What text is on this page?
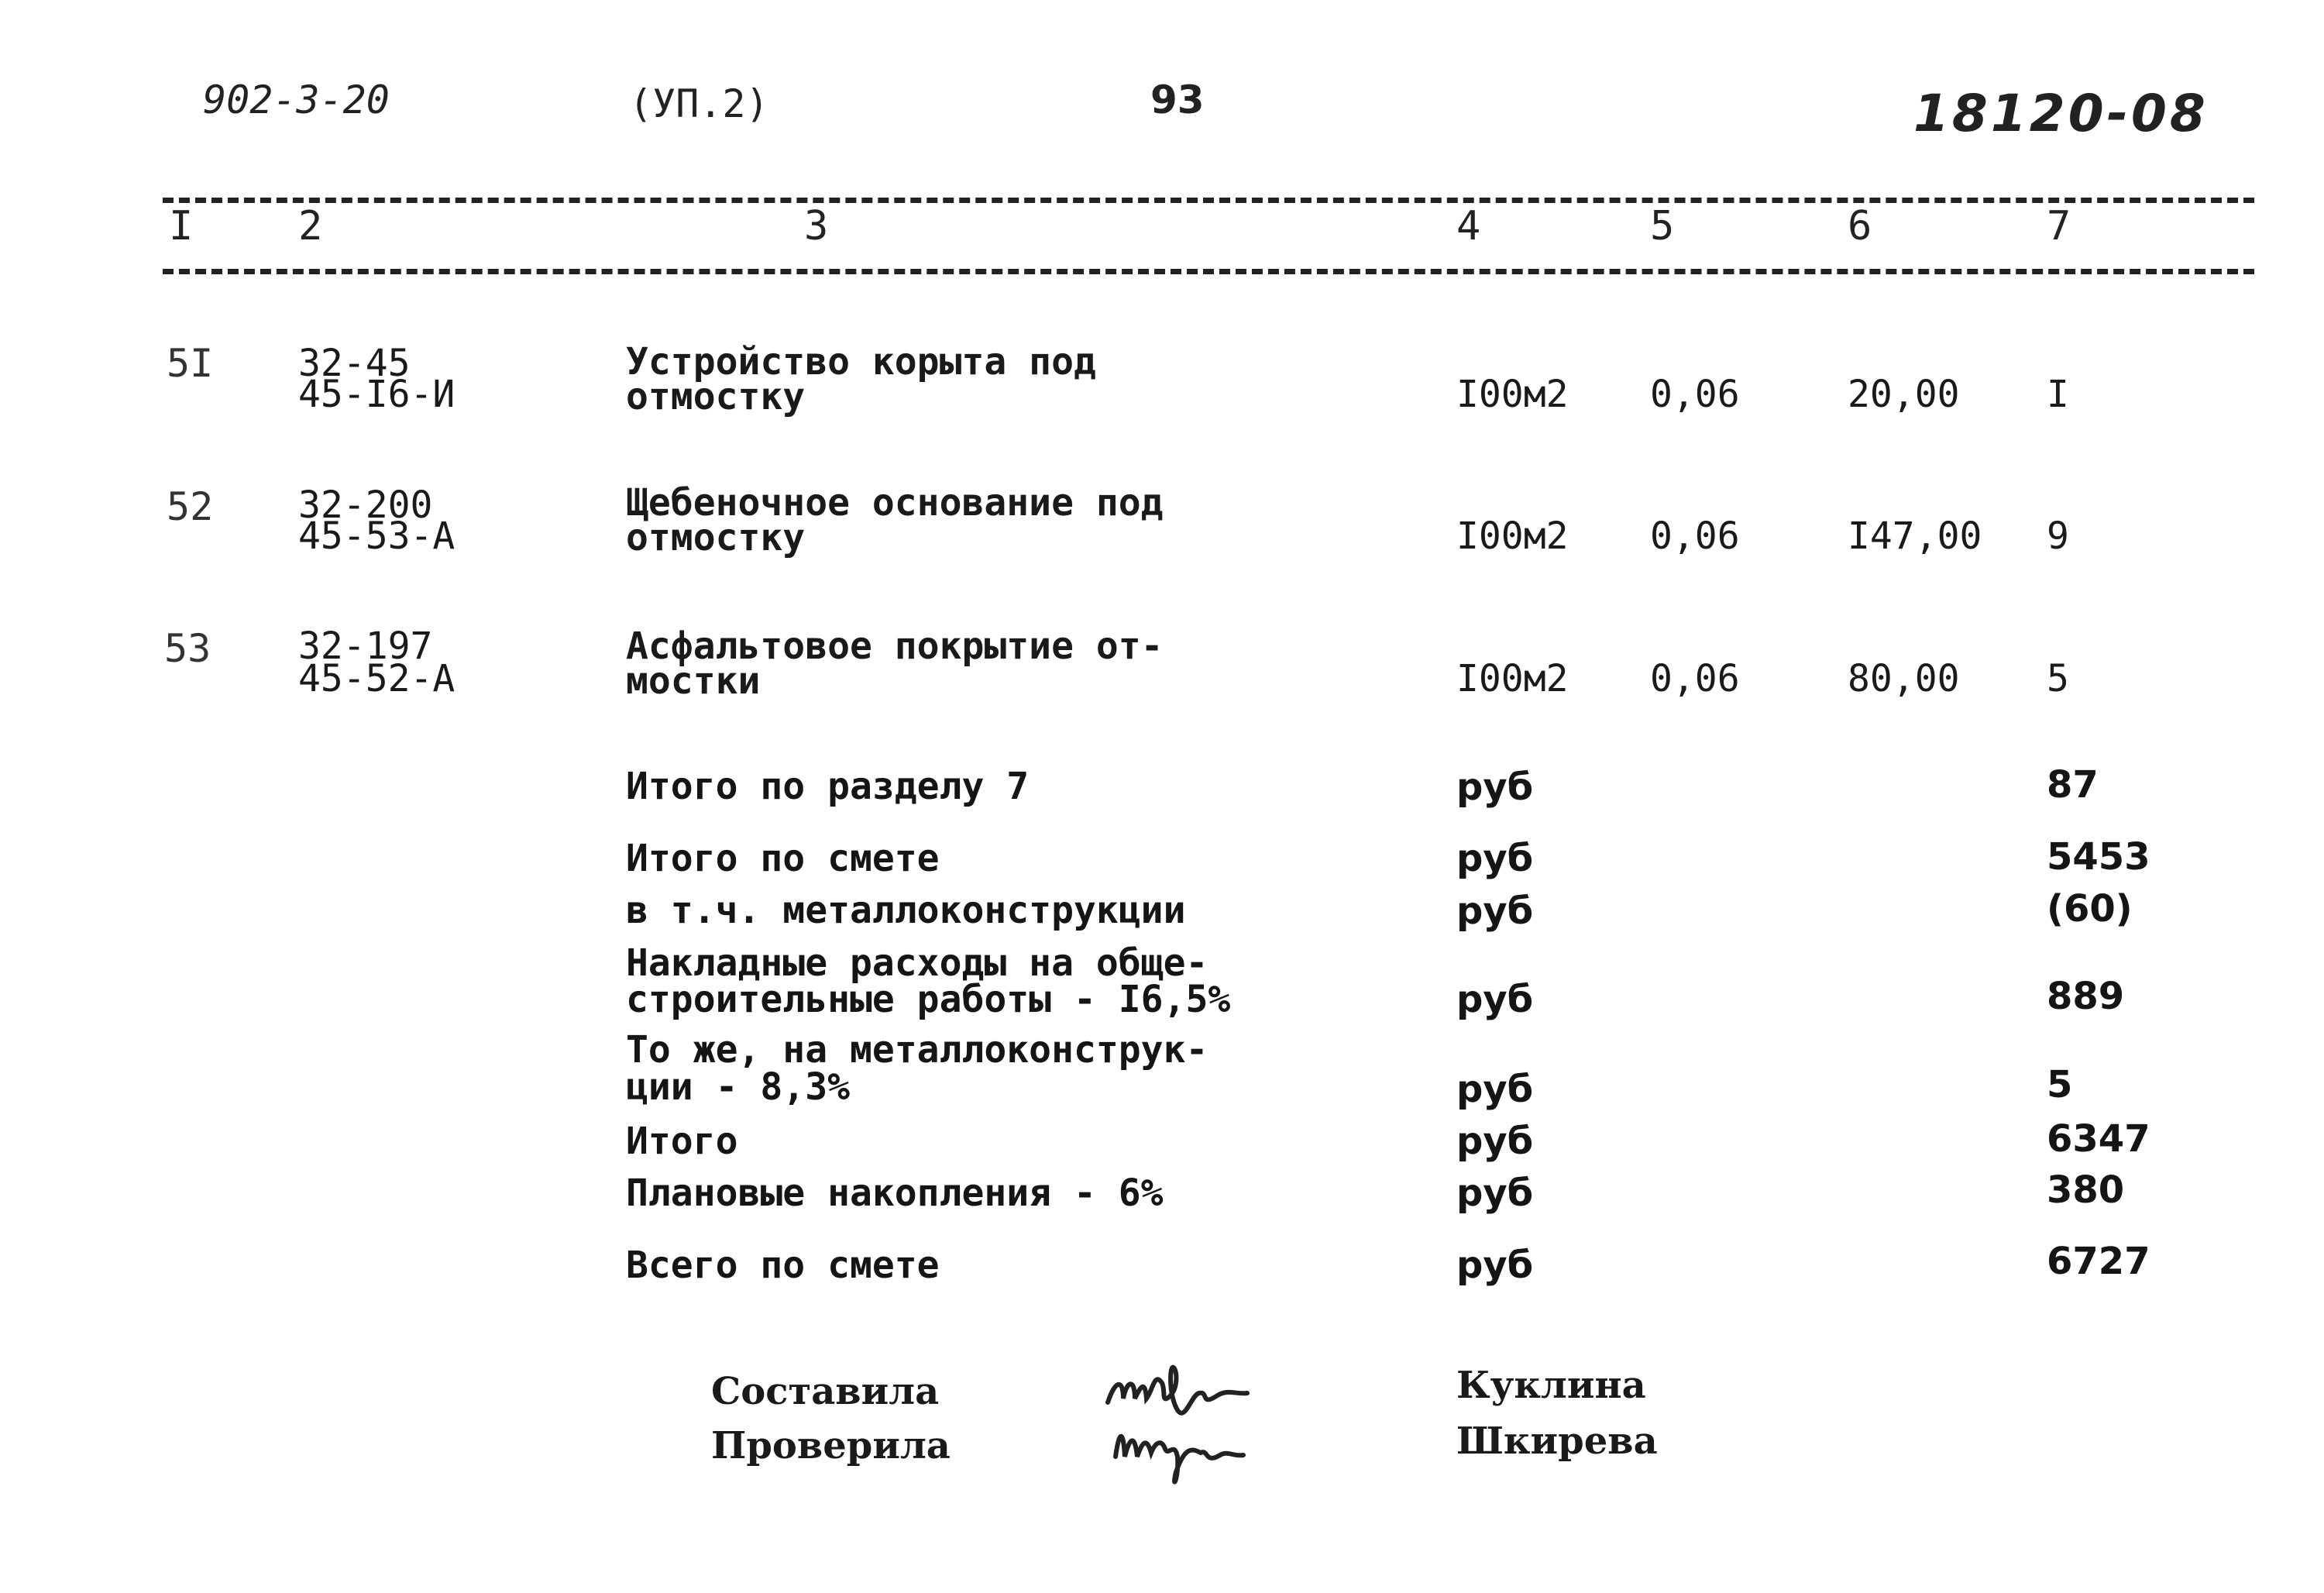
902-3-20	(УП.2)	93	18120-08
I	2	3	4	5	6	7
5I 32-45
45-I6-И
Устройство корыта под
отмостку	I00м2 0,06	20,00 I
52 32-200
45-53-А
Щебеночное основание под
отмостку	I00м2 0,06	I47,00 9
53 32-197
45-52-А
Асфальтовое покрытие от-
мостки	I00м2 0,06	80,00 5
Итого по разделу 7	руб	87
Итого по смете	руб	5453
в т.ч. металлоконструкции	руб	(60)
Накладные расходы на обще-
строительные работы - I6,5%	руб	889
То же, на металлоконструк-
ции - 8,3%	руб	5
Итого	руб	6347
Плановые накопления - 6%	руб	380
Всего по смете	руб	6727
Составила
Проверила
Куклина
Шкирева
